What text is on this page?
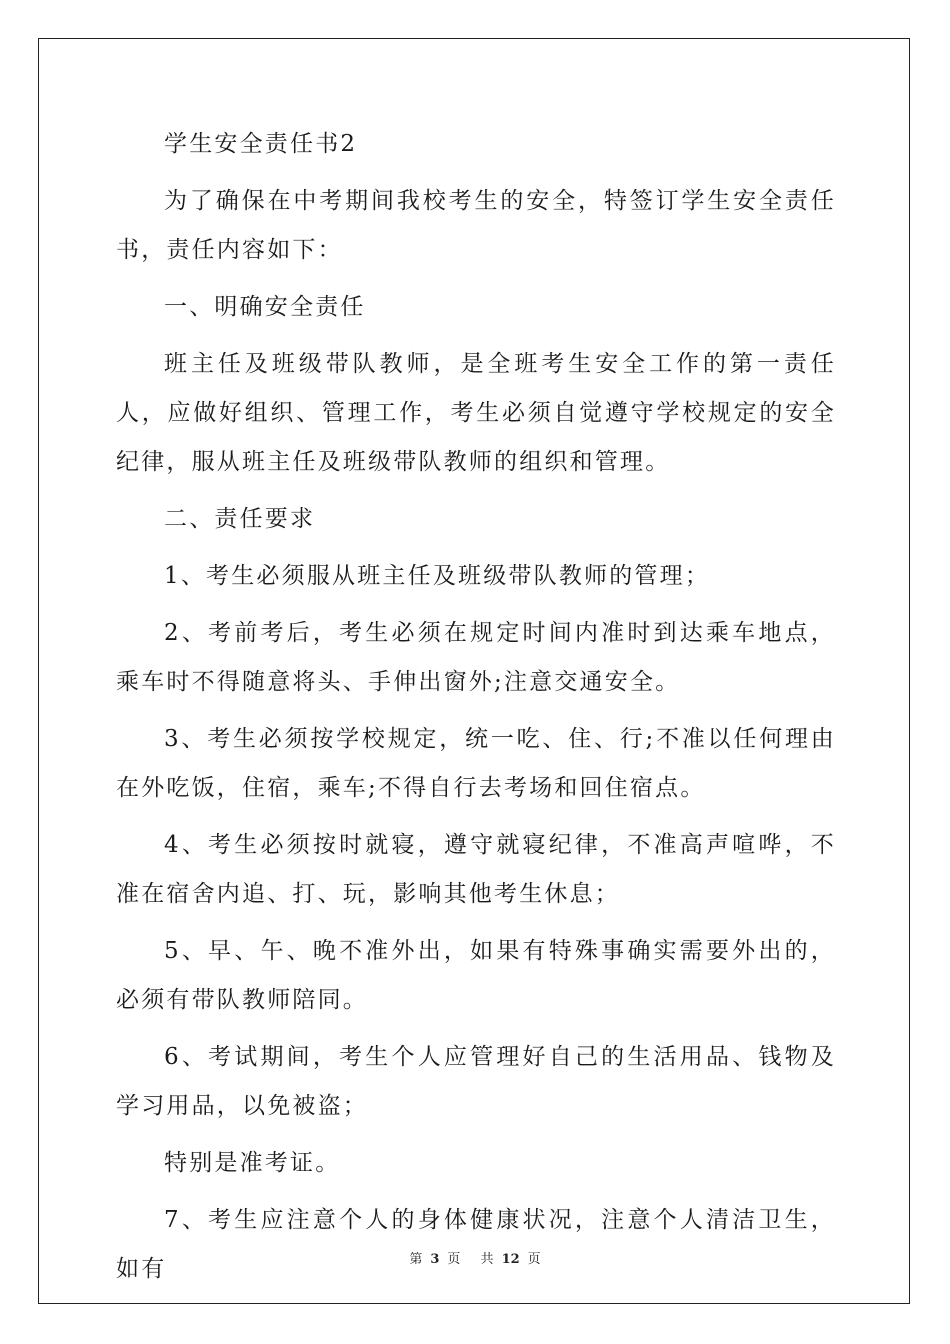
学生安全责任书2

为了确保在中考期间我校考生的安全，特签订学生安全责任书，责任内容如下：

一、明确安全责任

班主任及班级带队教师，是全班考生安全工作的第一责任人，应做好组织、管理工作，考生必须自觉遵守学校规定的安全纪律，服从班主任及班级带队教师的组织和管理。

二、责任要求

1、考生必须服从班主任及班级带队教师的管理；

2、考前考后，考生必须在规定时间内准时到达乘车地点，乘车时不得随意将头、手伸出窗外;注意交通安全。

3、考生必须按学校规定，统一吃、住、行;不准以任何理由在外吃饭，住宿，乘车;不得自行去考场和回住宿点。

4、考生必须按时就寝，遵守就寝纪律，不准高声喧哗，不准在宿舍内追、打、玩，影响其他考生休息；

5、早、午、晚不准外出，如果有特殊事确实需要外出的，必须有带队教师陪同。

6、考试期间，考生个人应管理好自己的生活用品、钱物及学习用品，以免被盗；

特别是准考证。

7、考生应注意个人的身体健康状况，注意个人清洁卫生，如有	第 3 页 共 12 页
